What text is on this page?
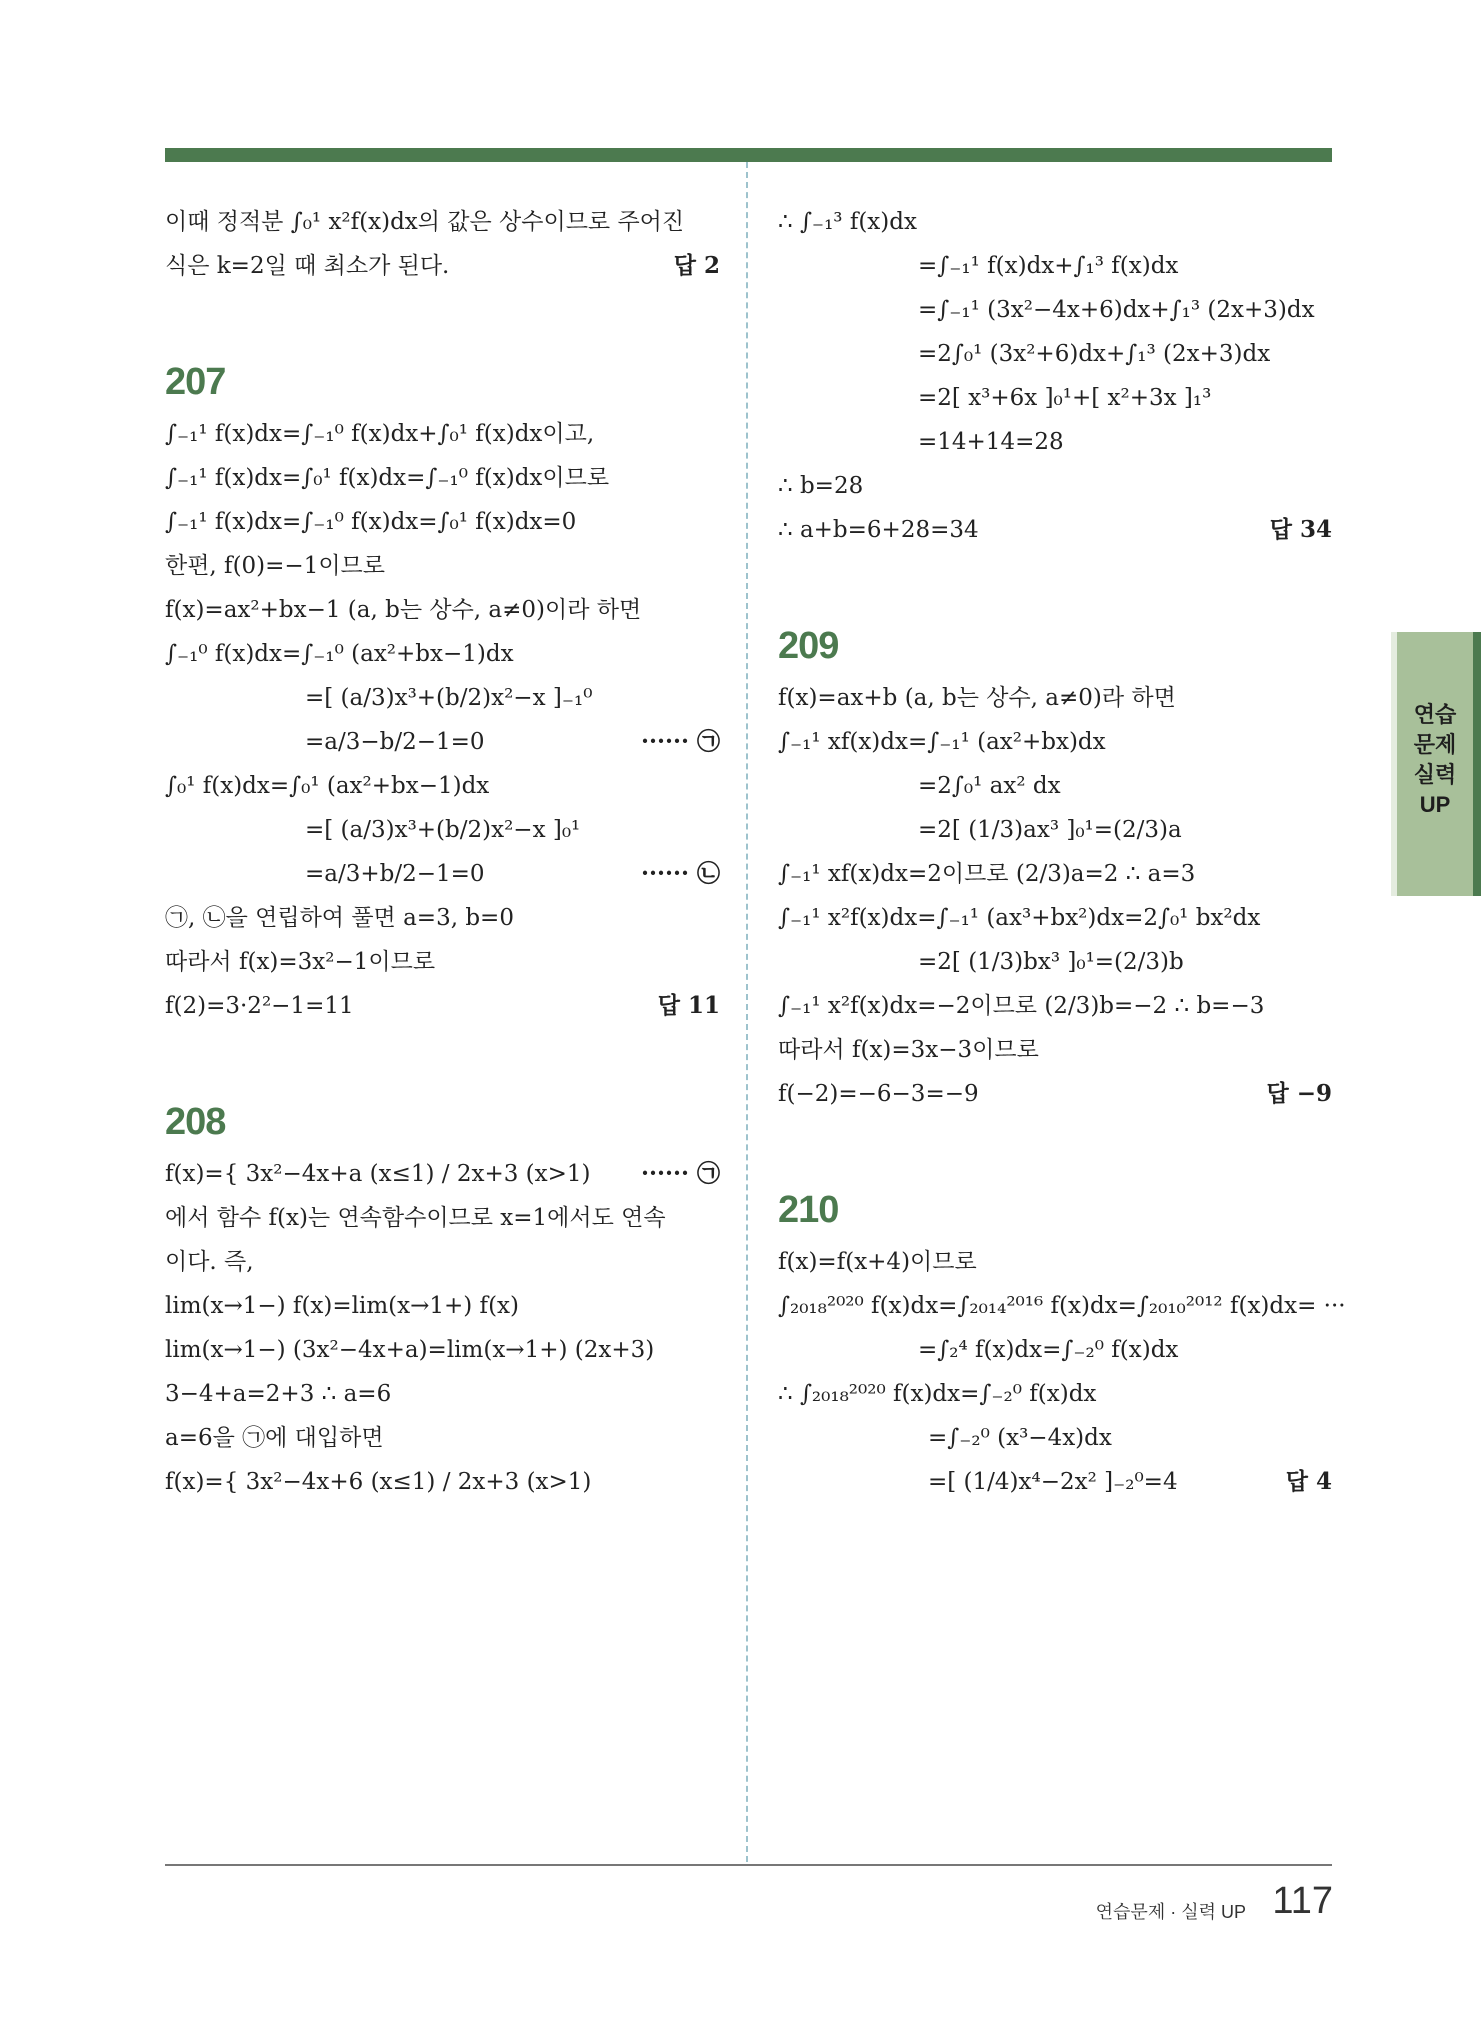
이때 정적분 ∫₀¹ x²f(x)dx의 값은 상수이므로 주어진
식은 k=2일 때 최소가 된다.	답 2
207
∫₋₁¹ f(x)dx=∫₋₁⁰ f(x)dx+∫₀¹ f(x)dx이고,
∫₋₁¹ f(x)dx=∫₀¹ f(x)dx=∫₋₁⁰ f(x)dx이므로
∫₋₁¹ f(x)dx=∫₋₁⁰ f(x)dx=∫₀¹ f(x)dx=0
한편, f(0)=−1이므로
f(x)=ax²+bx−1 (a, b는 상수, a≠0)이라 하면
∫₋₁⁰ f(x)dx=∫₋₁⁰ (ax²+bx−1)dx
=[ (a/3)x³+(b/2)x²−x ]₋₁⁰
=a/3−b/2−1=0	······ ㉠
∫₀¹ f(x)dx=∫₀¹ (ax²+bx−1)dx
=[ (a/3)x³+(b/2)x²−x ]₀¹
=a/3+b/2−1=0	······ ㉡
㉠, ㉡을 연립하여 풀면 a=3, b=0
따라서 f(x)=3x²−1이므로
f(2)=3·2²−1=11	답 11
208
f(x)={ 3x²−4x+a (x≤1) / 2x+3 (x>1) ······ ㉠
에서 함수 f(x)는 연속함수이므로 x=1에서도 연속
이다. 즉,
lim(x→1−) f(x)=lim(x→1+) f(x)
lim(x→1−) (3x²−4x+a)=lim(x→1+) (2x+3)
3−4+a=2+3 ∴ a=6
a=6을 ㉠에 대입하면
f(x)={ 3x²−4x+6 (x≤1) / 2x+3 (x>1)
∴ ∫₋₁³ f(x)dx
=∫₋₁¹ f(x)dx+∫₁³ f(x)dx
=∫₋₁¹ (3x²−4x+6)dx+∫₁³ (2x+3)dx
=2∫₀¹ (3x²+6)dx+∫₁³ (2x+3)dx
=2[ x³+6x ]₀¹+[ x²+3x ]₁³
=14+14=28
∴ b=28
∴ a+b=6+28=34	답 34
209
f(x)=ax+b (a, b는 상수, a≠0)라 하면
∫₋₁¹ xf(x)dx=∫₋₁¹ (ax²+bx)dx
=2∫₀¹ ax² dx
=2[ (1/3)ax³ ]₀¹=(2/3)a
∫₋₁¹ xf(x)dx=2이므로 (2/3)a=2 ∴ a=3
∫₋₁¹ x²f(x)dx=∫₋₁¹ (ax³+bx²)dx=2∫₀¹ bx²dx
=2[ (1/3)bx³ ]₀¹=(2/3)b
∫₋₁¹ x²f(x)dx=−2이므로 (2/3)b=−2 ∴ b=−3
따라서 f(x)=3x−3이므로
f(−2)=−6−3=−9	답 −9
210
f(x)=f(x+4)이므로
∫₂₀₁₈²⁰²⁰ f(x)dx=∫₂₀₁₄²⁰¹⁶ f(x)dx=∫₂₀₁₀²⁰¹² f(x)dx= ···
=∫₂⁴ f(x)dx=∫₋₂⁰ f(x)dx
∴ ∫₂₀₁₈²⁰²⁰ f(x)dx=∫₋₂⁰ f(x)dx
=∫₋₂⁰ (x³−4x)dx
=[ (1/4)x⁴−2x² ]₋₂⁰=4	답 4
연습문제 실력UP
연습문제 · 실력 UP 117
